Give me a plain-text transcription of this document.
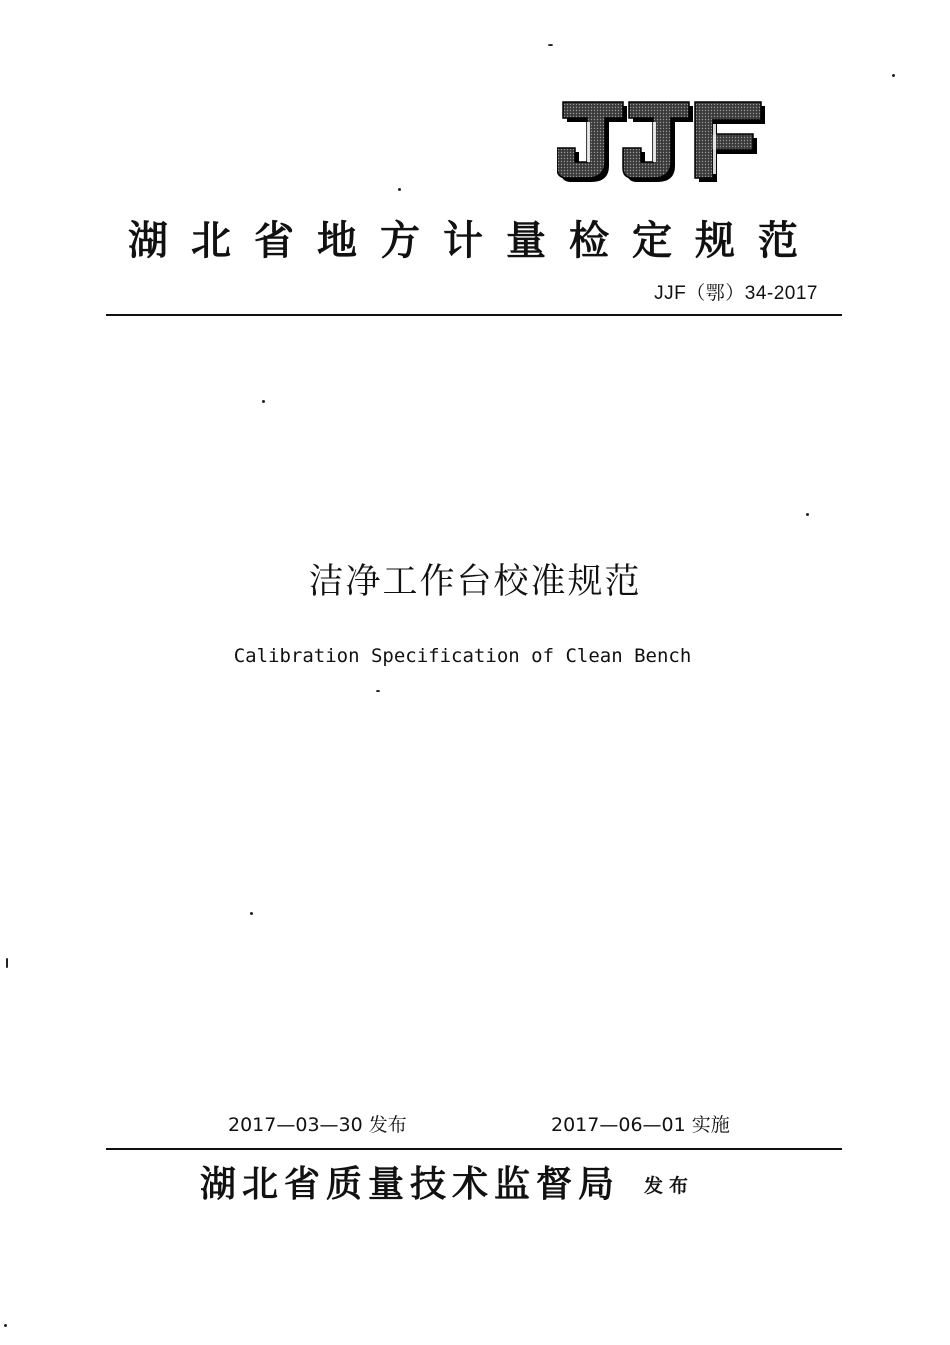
湖北省地方计量检定规范
JJF（鄂）34-2017
洁净工作台校准规范
Calibration Specification of Clean Bench
2017—03—30 发布	2017—06—01 实施
湖北省质量技术监督局 发布
